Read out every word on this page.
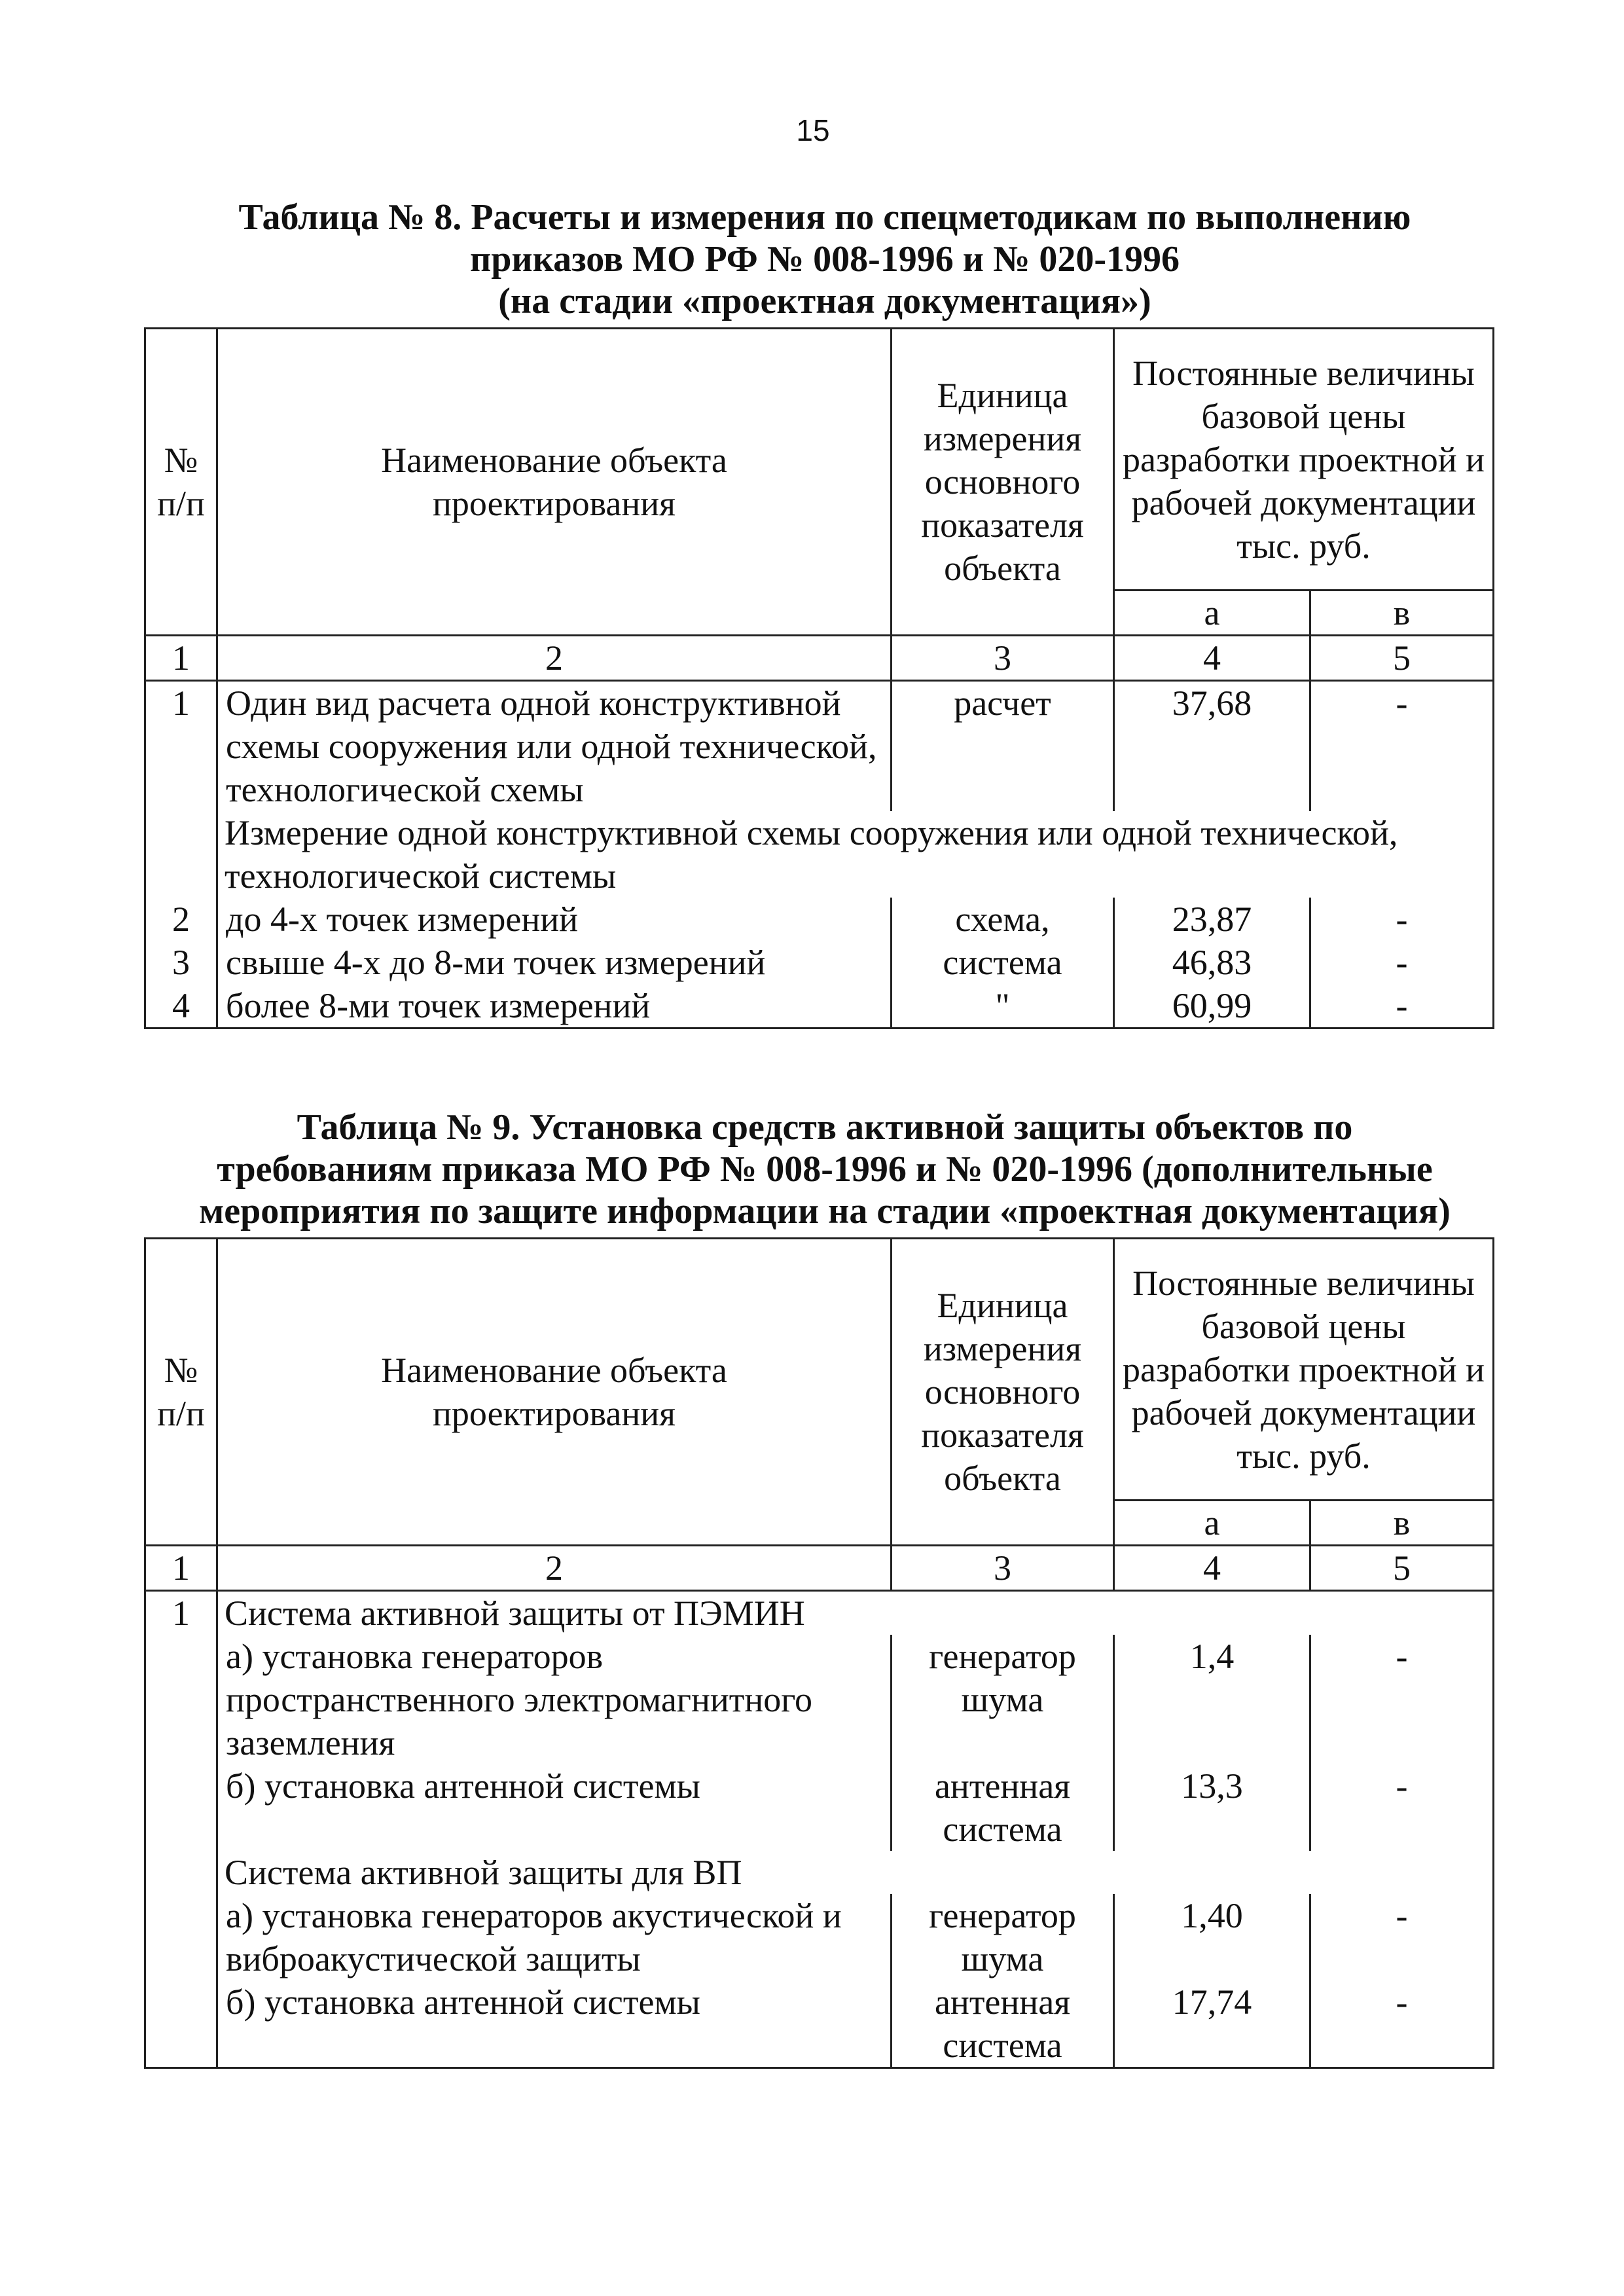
15
Таблица № 8. Расчеты и измерения по спецметодикам по выполнению
приказов МО РФ № 008-1996 и № 020-1996
(на стадии «проектная документация»)
№ п/п	Наименование объекта проектирования	Единица измерения основного показателя объекта	Постоянные величины базовой цены разработки проектной и рабочей документации тыс. руб.	
			а	в
1	2	3	4	5
1	Один вид расчета одной конструктивной схемы сооружения или одной технической, технологической схемы	расчет	37,68	-
	Измерение одной конструктивной схемы сооружения или одной технической, технологической системы			
2	до 4-х точек измерений	схема,	23,87	-
3	свыше 4-х до 8-ми точек измерений	система	46,83	-
4	более 8-ми точек измерений	"	60,99	-
Таблица № 9. Установка средств активной защиты объектов по
требованиям приказа МО РФ № 008-1996 и № 020-1996 (дополнительные
мероприятия по защите информации на стадии «проектная документация)
№ п/п	Наименование объекта проектирования	Единица измерения основного показателя объекта	Постоянные величины базовой цены разработки проектной и рабочей документации тыс. руб.	
			а	в
1	2	3	4	5
1	Система активной защиты от ПЭМИН			
	а) установка генераторов пространственного электромагнитного заземления	генератор шума	1,4	-
	б) установка антенной системы	антенная система	13,3	-
	Система активной защиты для ВП			
	а) установка генераторов акустической и виброакустической защиты	генератор шума	1,40	-
	б) установка антенной системы	антенная система	17,74	-
